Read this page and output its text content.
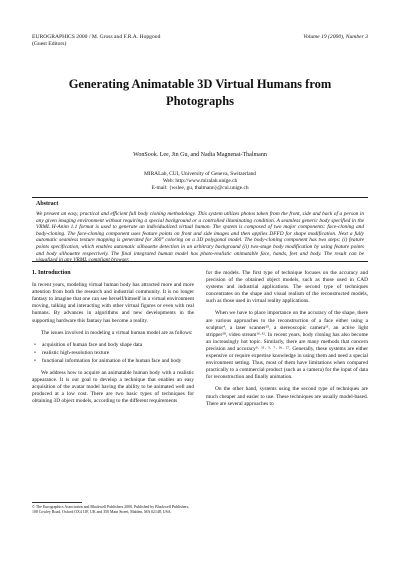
EUROGRAPHICS 2000 / M. Gross and F.R.A. Hopgood
(Guest Editors)
Volume 19 (2000), Number 3
Generating Animatable 3D Virtual Humans from
Photographs
WonSook. Lee, Jin Gu, and Nadia Magnenat-Thalmann
MIRALab, CUI, University of Geneva, Switzerland
Web: http://www.miralab.unige.ch
E-mail: {wslee, gu, thalmann}@cui.unige.ch
Abstract
We present an easy, practical and efficient full body cloning methodology. This system utilizes photos taken from the front, side and back of a person in any given imaging environment without requiring a special background or a controlled illuminating condition. A seamless generic body specified in the VRML H-Anim 1.1 format is used to generate an individualized virtual human. The system is composed of two major components: face-cloning and body-cloning. The face-cloning component uses feature points on front and side images and then applies DFFD for shape modification. Next a fully automatic seamless texture mapping is generated for 360° coloring on a 3D polygonal model. The body-cloning component has two steps: (i) feature points specification, which enables automatic silhouette detection in an arbitrary background (ii) two-stage body modification by using feature points and body silhouette respectively. The final integrated human model has photo-realistic animatable face, hands, feet and body. The result can be visualized in any VRML compliant browser.
1. Introduction

In recent years, modeling virtual human body has attracted more and more attention from both the research and industrial community. It is no longer fantasy to imagine that one can see herself/himself in a virtual environment moving, talking and interacting with other virtual figures or even with real humans. By advances in algorithms and new developments in the supporting hardware this fantasy has become a reality.

The issues involved in modeling a virtual human model are as follows:

• acquisition of human face and body shape data
• realistic high-resolution texture
• functional information for animation of the human face and body

We address how to acquire an animatable human body with a realistic appearance. It is our goal to develop a technique that enables an easy acquisition of the avatar model having the ability to be animated well and produced at a low cost. There are two basic types of techniques for obtaining 3D object models, according to the different requirements

for the models. The first type of technique focuses on the accuracy and precision of the obtained object models, such as those used in CAD systems and industrial applications. The second type of techniques concentrates on the shape and visual realism of the reconstructed models, such as those used in virtual reality applications.

When we have to place importance on the accuracy of the shape, there are various approaches to the reconstruction of a face either using a sculptor⁴, a laser scanner²⁵, a stereoscopic camera¹¹, an active light stripper²⁸, video stream¹⁶·³². In recent years, body cloning has also become an increasingly hot topic. Similarly, there are many methods that concern precision and accuracy⁹· ¹¹· ⁵· ⁷· ²⁶· ²⁷. Generally, these systems are either expensive or require expertise knowledge in using them and need a special environment setting. Thus, most of them have limitations when compared practically to a commercial product (such as a camera) for the input of data for reconstruction and finally animation.

On the other hand, systems using the second type of techniques are much cheaper and easier to use. These techniques are usually model-based. There are several approaches to

© The Eurographics Association and Blackwell Publishers 2000. Published by Blackwell Publishers, 108 Cowley Road, Oxford OX4 1JF, UK and 350 Main Street, Malden, MA 02148, USA.
